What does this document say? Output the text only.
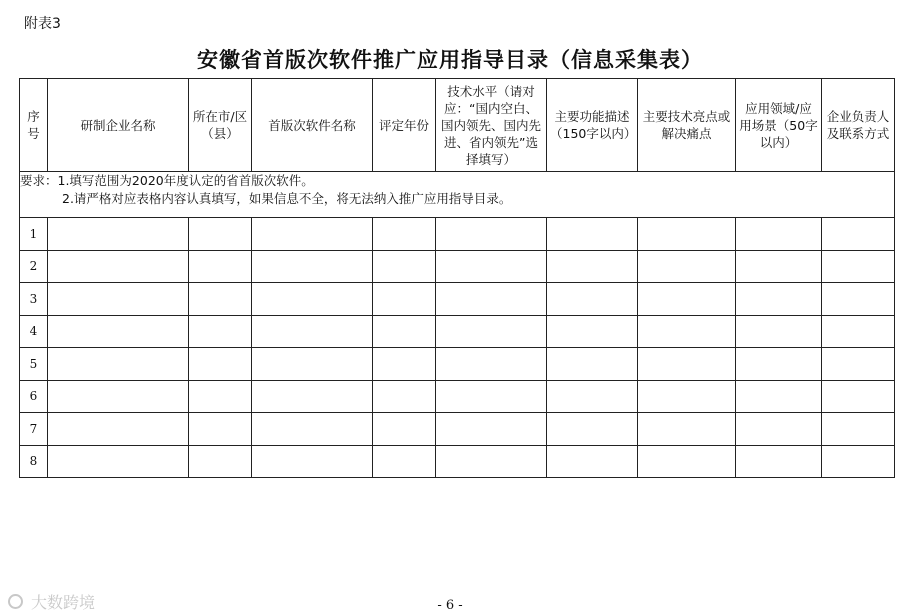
附表3
安徽省首版次软件推广应用指导目录（信息采集表）
序号	研制企业名称	所在市/区（县）	首版次软件名称	评定年份	技术水平（请对应：“国内空白、国内领先、国内先进、省内领先”选择填写）	主要功能描述（150字以内）	主要技术亮点或解决痛点	应用领域/应用场景（50字以内）	企业负责人及联系方式

要求：1.填写范围为2020年度认定的省首版次软件。
2.请严格对应表格内容认真填写，如果信息不全，将无法纳入推广应用指导目录。									

1									
2									
3									
4									
5									
6									
7									
8									
大数跨境	- 6 -
